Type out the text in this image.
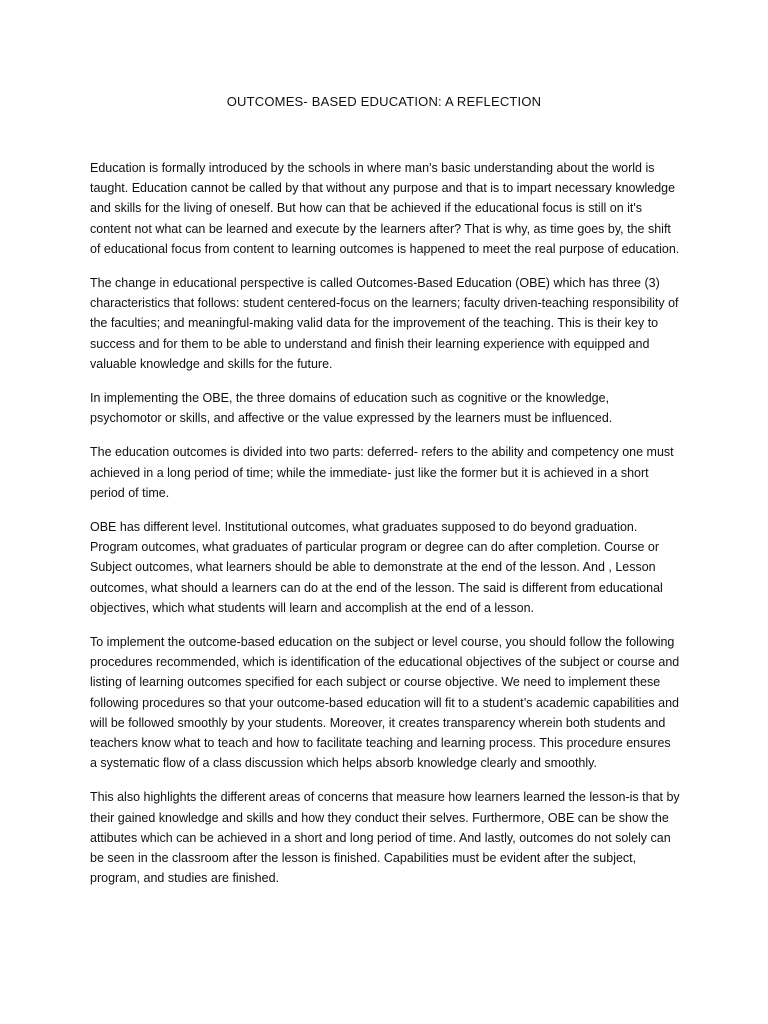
OUTCOMES- BASED EDUCATION: A REFLECTION

Education is formally introduced by the schools in where man's basic understanding about the world is taught. Education cannot be called by that without any purpose and that is to impart necessary knowledge and skills for the living of oneself. But how can that be achieved if the educational focus is still on it's content not what can be learned and execute by the learners after? That is why, as time goes by, the shift of educational focus from content to learning outcomes is happened to meet the real purpose of education.

The change in educational perspective is called Outcomes-Based Education (OBE) which has three (3) characteristics that follows: student centered-focus on the learners; faculty driven-teaching responsibility of the faculties; and meaningful-making valid data for the improvement of the teaching. This is their key to success and for them to be able to understand and finish their learning experience with equipped and valuable knowledge and skills for the future.

In implementing the OBE, the three domains of education such as cognitive or the knowledge, psychomotor or skills, and affective or the value expressed by the learners must be influenced.

The education outcomes is divided into two parts: deferred- refers to the ability and competency one must achieved in a long period of time; while the immediate- just like the former but it is achieved in a short period of time.

OBE has different level. Institutional outcomes, what graduates supposed to do beyond graduation. Program outcomes, what graduates of particular program or degree can do after completion. Course or Subject outcomes, what learners should be able to demonstrate at the end of the lesson. And , Lesson outcomes, what should a learners can do at the end of the lesson. The said is different from educational objectives, which what students will learn and accomplish at the end of a lesson.

To implement the outcome-based education on the subject or level course, you should follow the following procedures recommended, which is identification of the educational objectives of the subject or course and listing of learning outcomes specified for each subject or course objective. We need to implement these following procedures so that your outcome-based education will fit to a student’s academic capabilities and will be followed smoothly by your students. Moreover, it creates transparency wherein both students and teachers know what to teach and how to facilitate teaching and learning process. This procedure ensures a systematic flow of a class discussion which helps absorb knowledge clearly and smoothly.

This also highlights the different areas of concerns that measure how learners learned the lesson-is that by their gained knowledge and skills and how they conduct their selves. Furthermore, OBE can be show the attibutes which can be achieved in a short and long period of time. And lastly, outcomes do not solely can be seen in the classroom after the lesson is finished. Capabilities must be evident after the subject, program, and studies are finished.
